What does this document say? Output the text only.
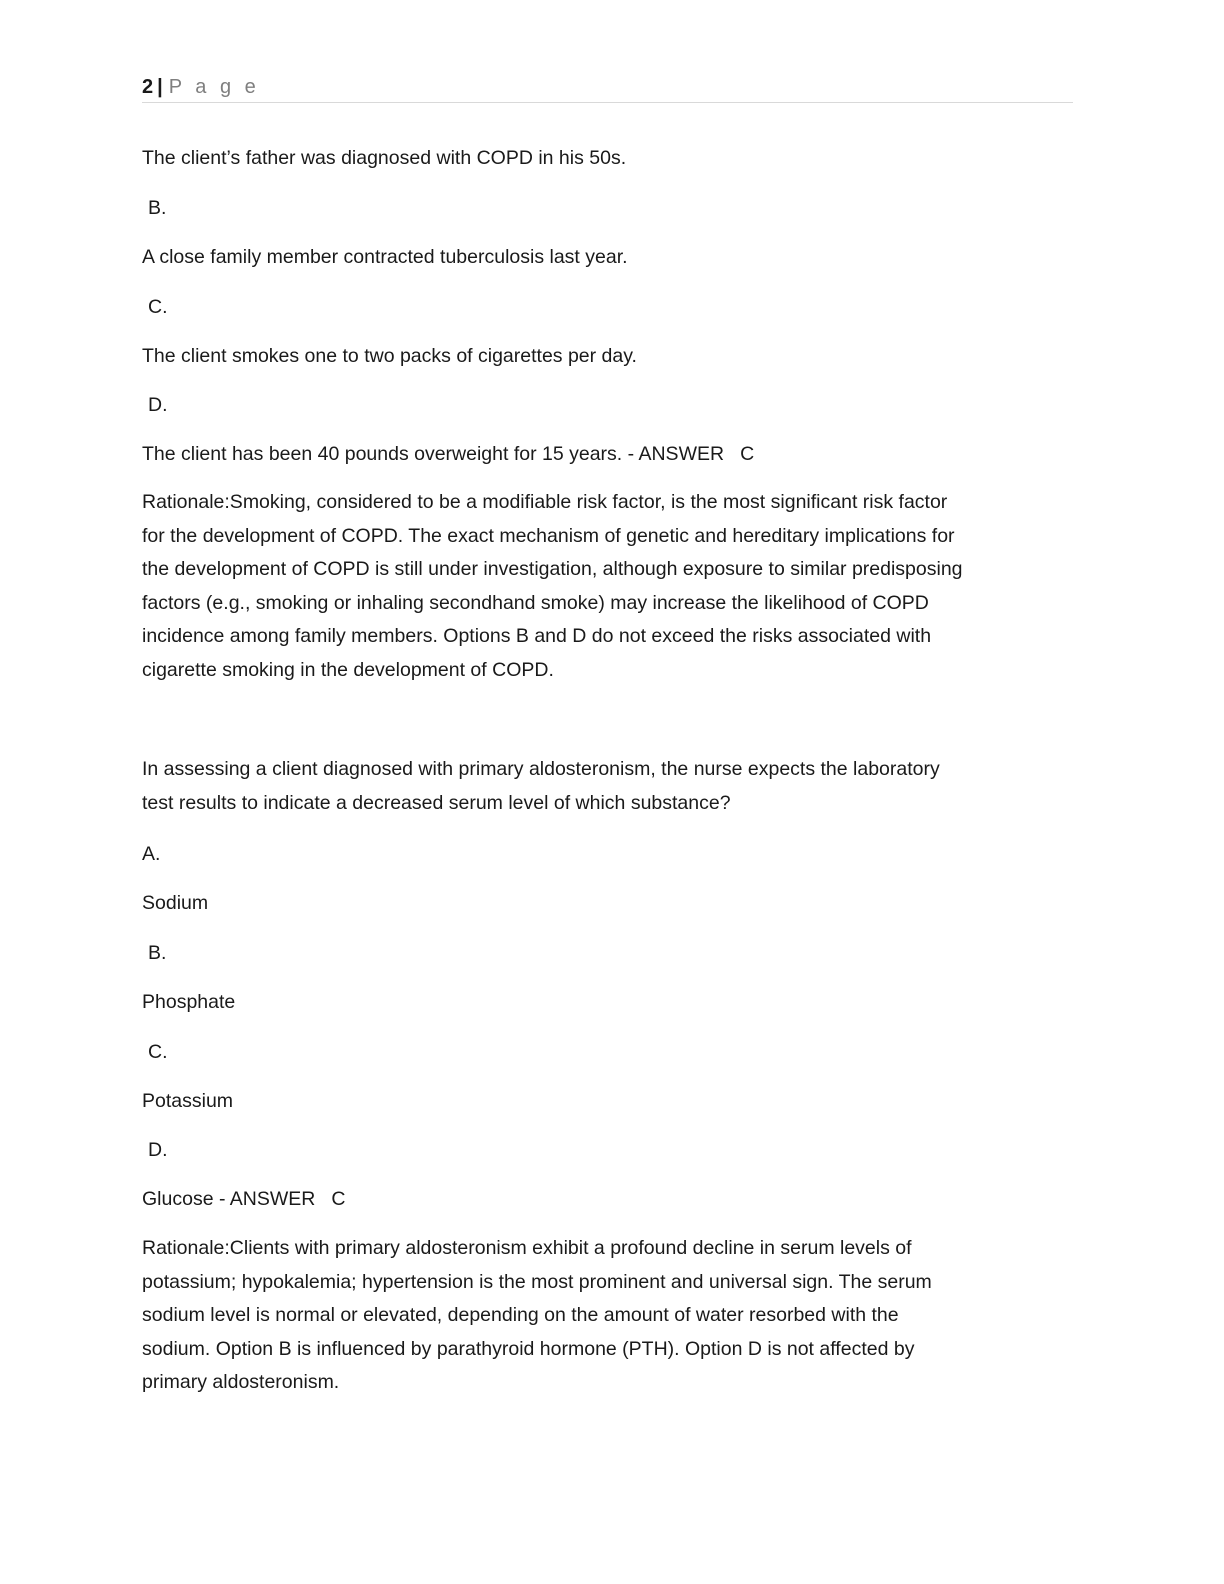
2 | P a g e
The client’s father was diagnosed with COPD in his 50s.
B.
A close family member contracted tuberculosis last year.
C.
The client smokes one to two packs of cigarettes per day.
D.
The client has been 40 pounds overweight for 15 years. - ANSWER C
Rationale:Smoking, considered to be a modifiable risk factor, is the most significant risk factor
for the development of COPD. The exact mechanism of genetic and hereditary implications for
the development of COPD is still under investigation, although exposure to similar predisposing
factors (e.g., smoking or inhaling secondhand smoke) may increase the likelihood of COPD
incidence among family members. Options B and D do not exceed the risks associated with
cigarette smoking in the development of COPD.
In assessing a client diagnosed with primary aldosteronism, the nurse expects the laboratory
test results to indicate a decreased serum level of which substance?
A.
Sodium
B.
Phosphate
C.
Potassium
D.
Glucose - ANSWER C
Rationale:Clients with primary aldosteronism exhibit a profound decline in serum levels of
potassium; hypokalemia; hypertension is the most prominent and universal sign. The serum
sodium level is normal or elevated, depending on the amount of water resorbed with the
sodium. Option B is influenced by parathyroid hormone (PTH). Option D is not affected by
primary aldosteronism.
